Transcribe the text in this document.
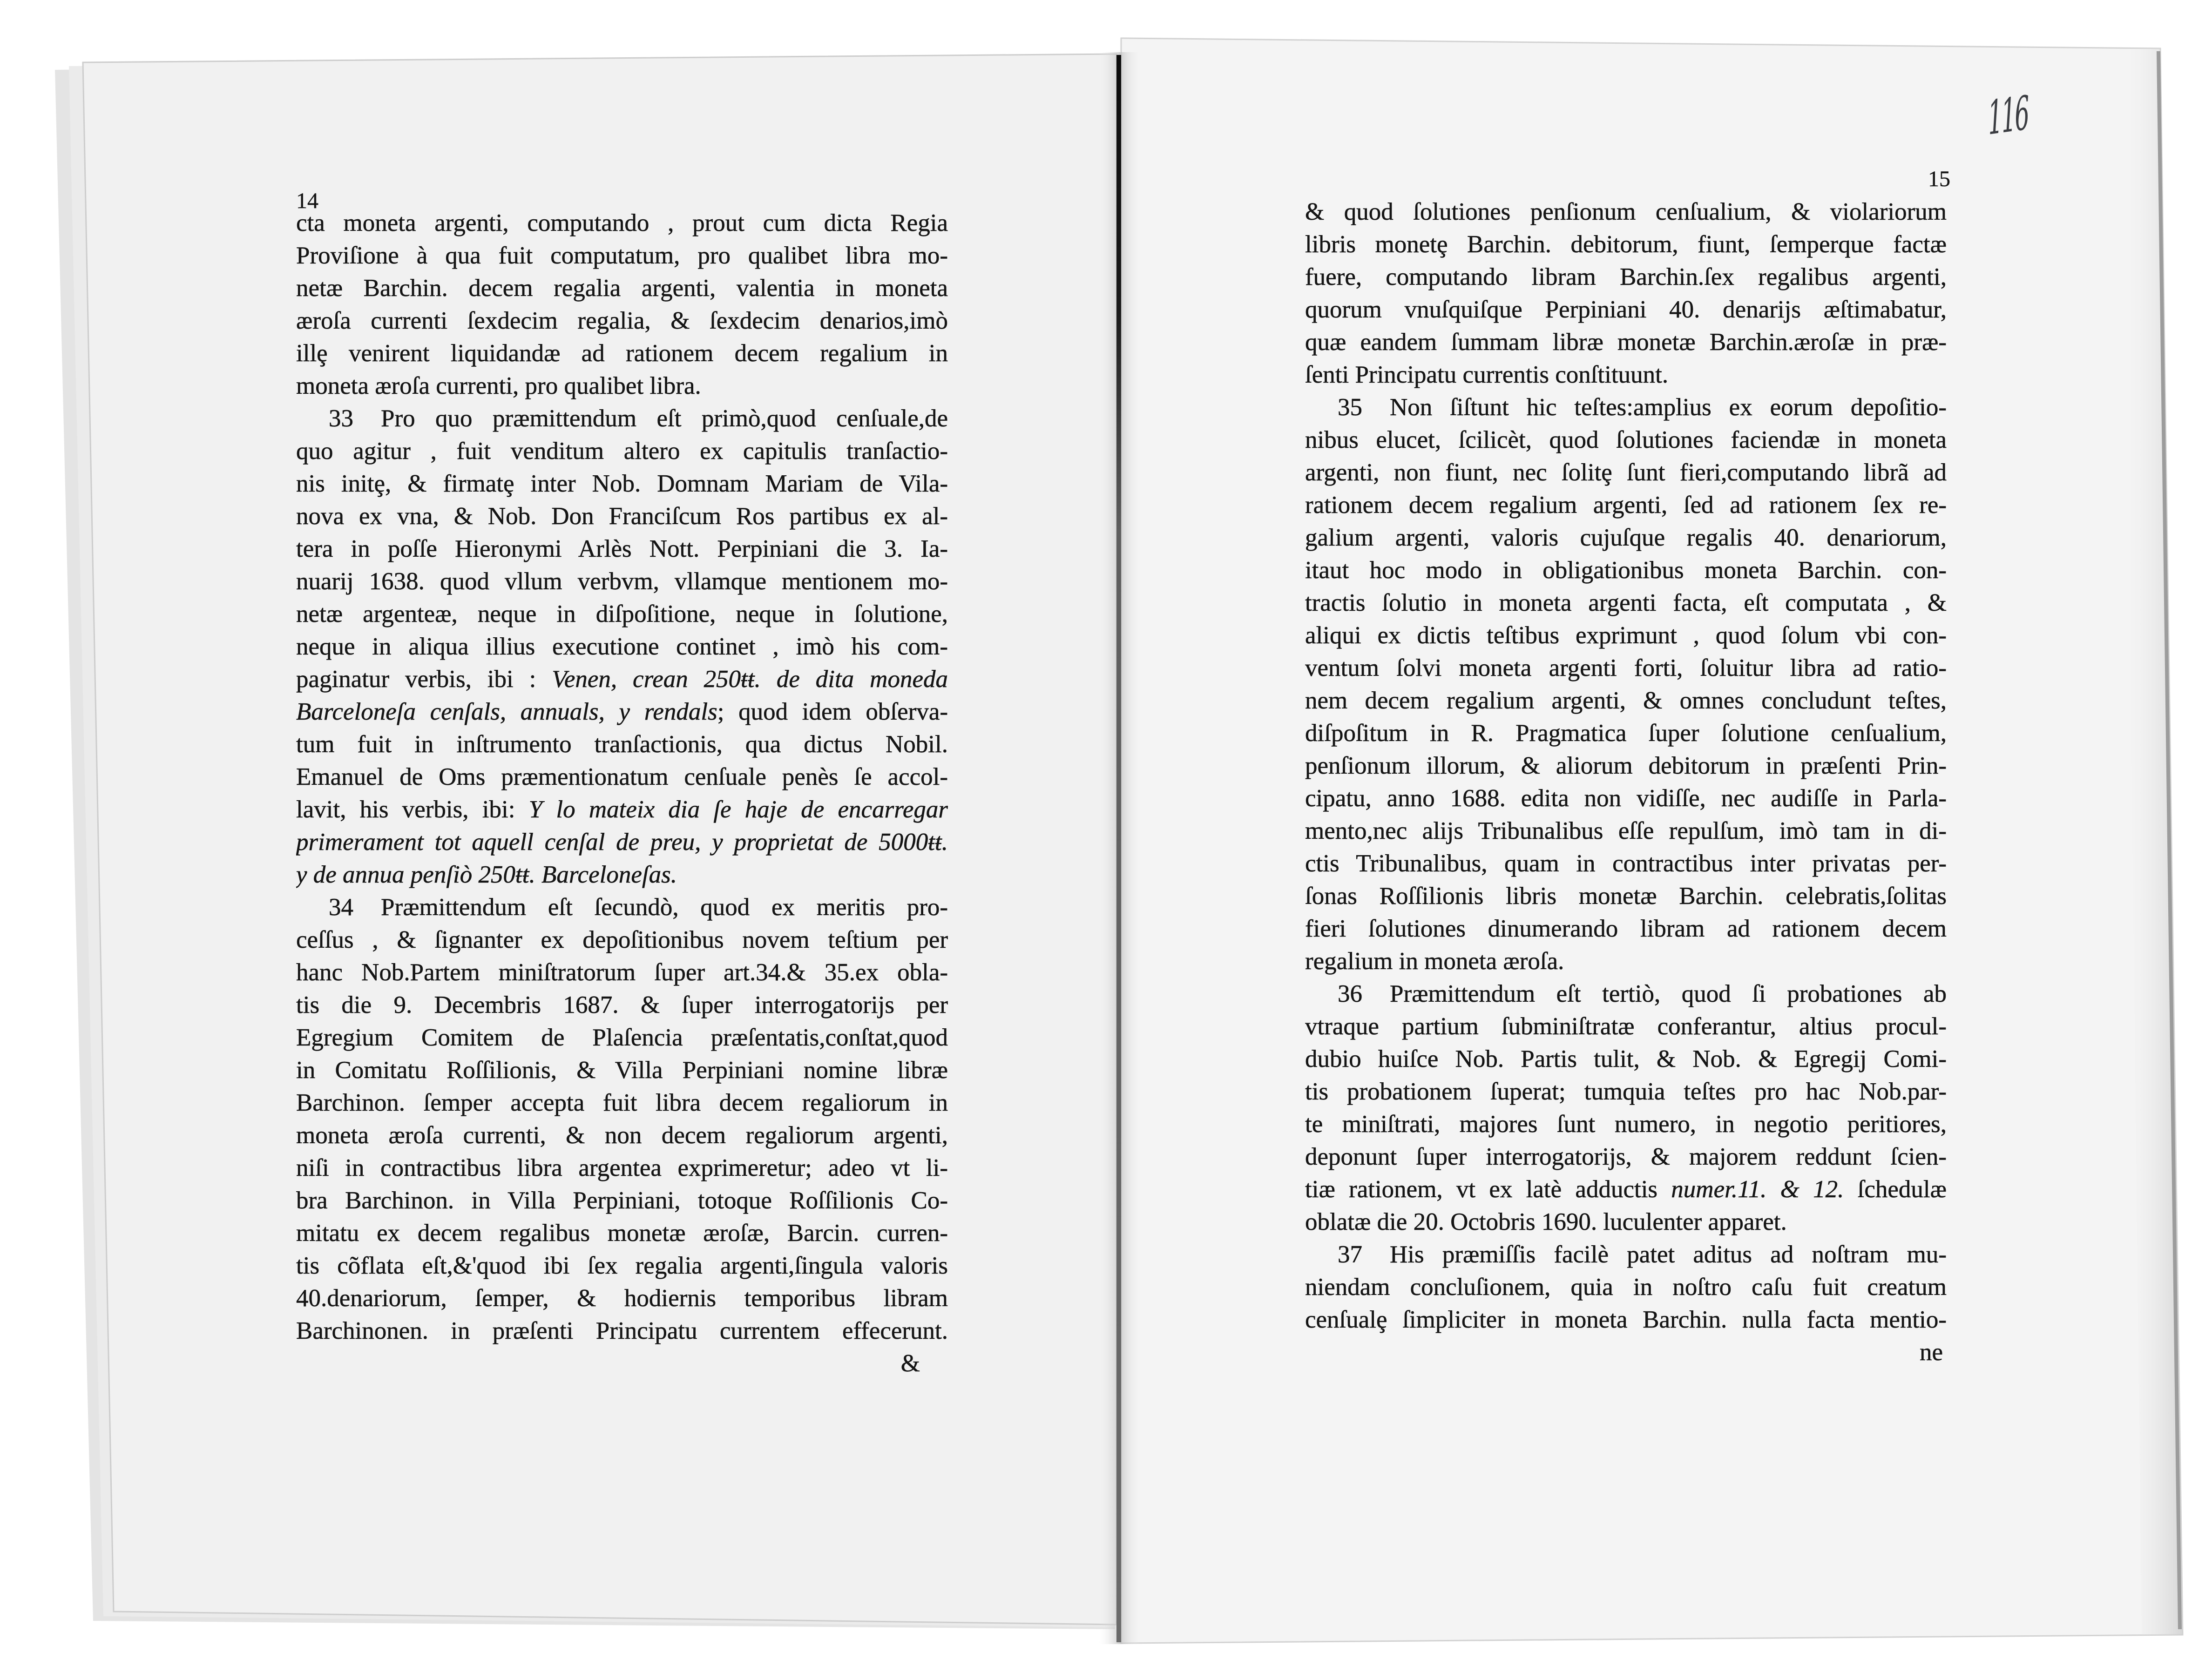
116
14
15
cta moneta argenti, computando , prout cum dicta Regia
Proviſione à qua fuit computatum, pro qualibet libra mo-
netæ Barchin. decem regalia argenti, valentia in moneta
æroſa currenti ſexdecim regalia, & ſexdecim denarios,imò
illȩ venirent liquidandæ ad rationem decem regalium in
moneta æroſa currenti, pro qualibet libra.
33	Pro quo præmittendum eſt primò,quod cenſuale,de
quo agitur , fuit venditum altero ex capitulis tranſactio-
nis initȩ, & firmatȩ inter Nob. Domnam Mariam de Vila-
nova ex vna, & Nob. Don Franciſcum Ros partibus ex al-
tera in poſſe Hieronymi Arlès Nott. Perpiniani die 3. Ia-
nuarij 1638. quod vllum verbvm, vllamque mentionem mo-
netæ argenteæ, neque in diſpoſitione, neque in ſolutione,
neque in aliqua illius executione continet , imò his com-
paginatur verbis, ibi : Venen, crean 250ŧŧ. de dita moneda
Barceloneſa cenſals, annuals, y rendals; quod idem obſerva-
tum fuit in inſtrumento tranſactionis, qua dictus Nobil.
Emanuel de Oms præmentionatum cenſuale penès ſe accol-
lavit, his verbis, ibi: Y lo mateix dia ſe haje de encarregar
primerament tot aquell cenſal de preu, y proprietat de 5000ŧŧ.
y de annua penſiò 250ŧŧ. Barceloneſas.
34	Præmittendum eſt ſecundò, quod ex meritis pro-
ceſſus , & ſignanter ex depoſitionibus novem teſtium per
hanc Nob.Partem miniſtratorum ſuper art.34.& 35.ex obla-
tis die 9. Decembris 1687. & ſuper interrogatorijs per
Egregium Comitem de Plaſencia præſentatis,conſtat,quod
in Comitatu Roſſilionis, & Villa Perpiniani nomine libræ
Barchinon. ſemper accepta fuit libra decem regaliorum in
moneta æroſa currenti, & non decem regaliorum argenti,
niſi in contractibus libra argentea exprimeretur; adeo vt li-
bra Barchinon. in Villa Perpiniani, totoque Roſſilionis Co-
mitatu ex decem regalibus monetæ æroſæ, Barcin. curren-
tis cõflata eſt,&'quod ibi ſex regalia argenti,ſingula valoris
40.denariorum, ſemper, & hodiernis temporibus libram
Barchinonen. in præſenti Principatu currentem effecerunt.
&
& quod ſolutiones penſionum cenſualium, & violariorum
libris monetȩ Barchin. debitorum, fiunt, ſemperque factæ
fuere, computando libram Barchin.ſex regalibus argenti,
quorum vnuſquiſque Perpiniani 40. denarijs æſtimabatur,
quæ eandem ſummam libræ monetæ Barchin.æroſæ in præ-
ſenti Principatu currentis conſtituunt.
35	Non ſiſtunt hic teſtes:amplius ex eorum depoſitio-
nibus elucet, ſcilicèt, quod ſolutiones faciendæ in moneta
argenti, non fiunt, nec ſolitȩ ſunt fieri,computando librã ad
rationem decem regalium argenti, ſed ad rationem ſex re-
galium argenti, valoris cujuſque regalis 40. denariorum,
itaut hoc modo in obligationibus moneta Barchin. con-
tractis ſolutio in moneta argenti facta, eſt computata , &
aliqui ex dictis teſtibus exprimunt , quod ſolum vbi con-
ventum ſolvi moneta argenti forti, ſoluitur libra ad ratio-
nem decem regalium argenti, & omnes concludunt teſtes,
diſpoſitum in R. Pragmatica ſuper ſolutione cenſualium,
penſionum illorum, & aliorum debitorum in præſenti Prin-
cipatu, anno 1688. edita non vidiſſe, nec audiſſe in Parla-
mento,nec alijs Tribunalibus eſſe repulſum, imò tam in di-
ctis Tribunalibus, quam in contractibus inter privatas per-
ſonas Roſſilionis libris monetæ Barchin. celebratis,ſolitas
fieri ſolutiones dinumerando libram ad rationem decem
regalium in moneta æroſa.
36	Præmittendum eſt tertiò, quod ſi probationes ab
vtraque partium ſubminiſtratæ conferantur, altius procul-
dubio huiſce Nob. Partis tulit, & Nob. & Egregij Comi-
tis probationem ſuperat; tumquia teſtes pro hac Nob.par-
te miniſtrati, majores ſunt numero, in negotio peritiores,
deponunt ſuper interrogatorijs, & majorem reddunt ſcien-
tiæ rationem, vt ex latè adductis numer.11. & 12. ſchedulæ
oblatæ die 20. Octobris 1690. luculenter apparet.
37	His præmiſſis facilè patet aditus ad noſtram mu-
niendam concluſionem, quia in noſtro caſu fuit creatum
cenſualȩ ſimpliciter in moneta Barchin. nulla facta mentio-
ne
